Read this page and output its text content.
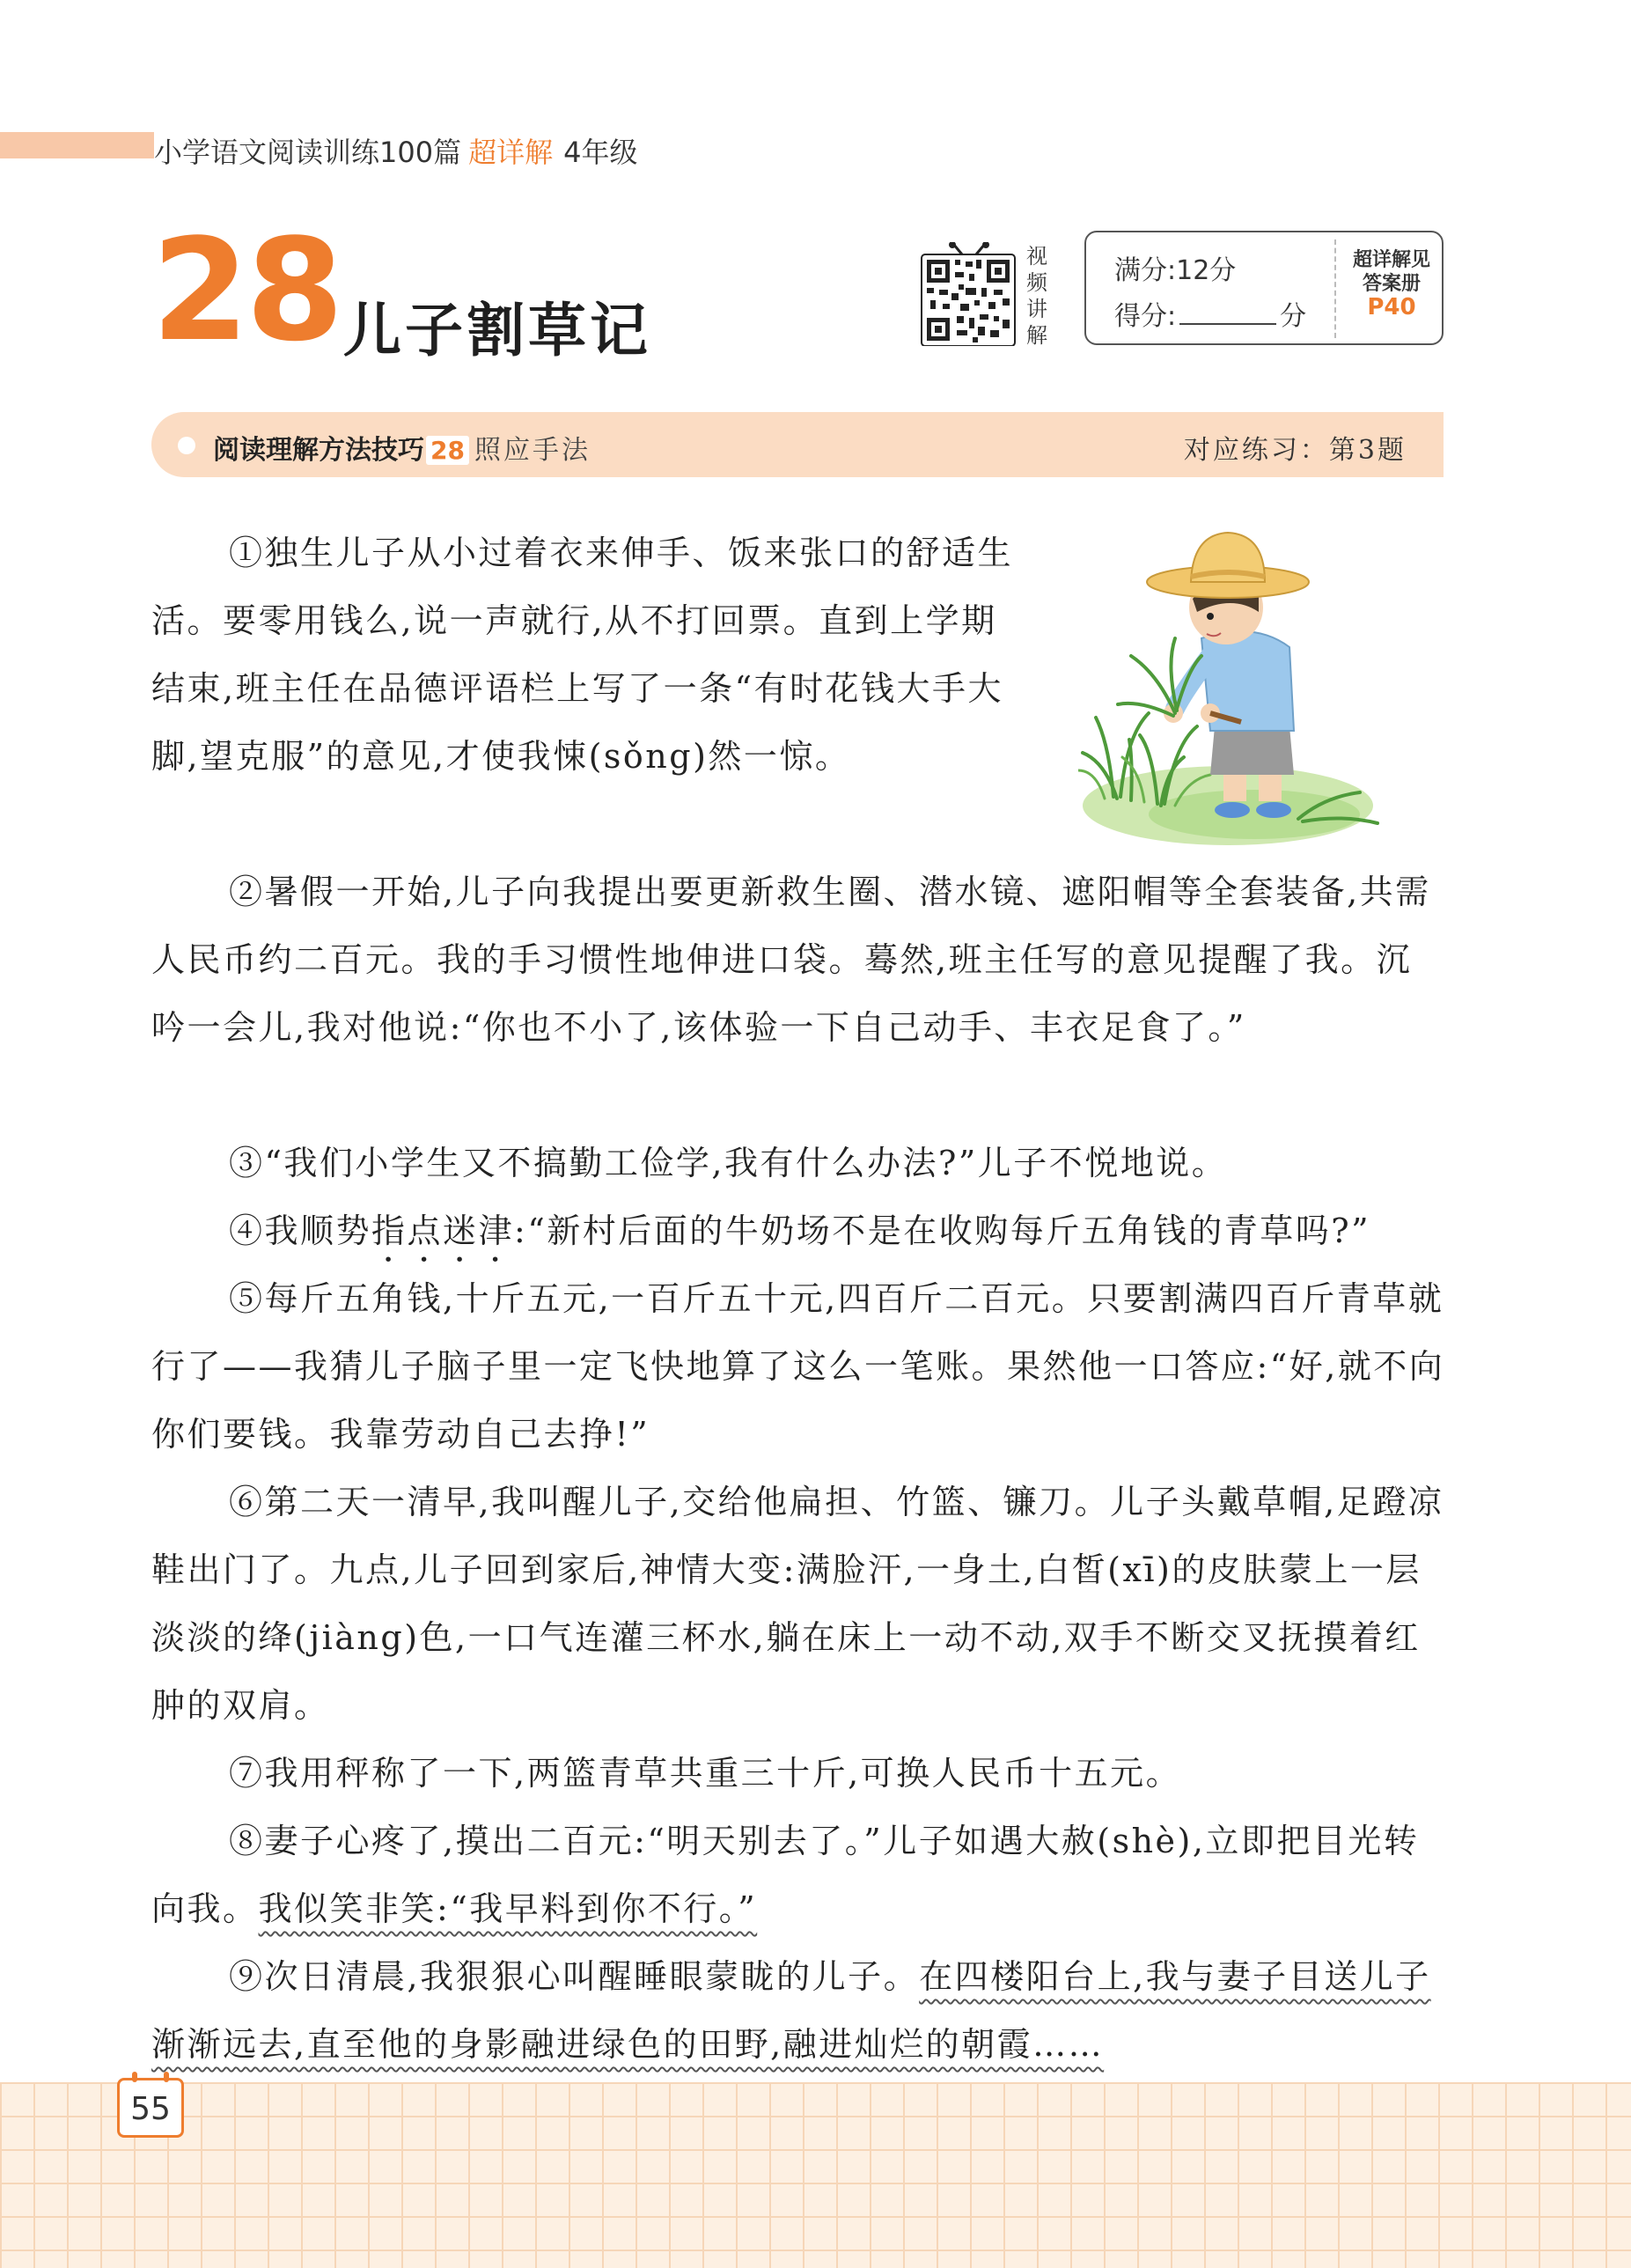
小学语文阅读训练100篇 超详解 4年级
28 儿子割草记
视频讲解
满分:12分
得分:	分
超详解见
答案册
P40
阅读理解方法技巧 28 照应手法	对应练习：第3题

①独生儿子从小过着衣来伸手、饭来张口的舒适生活。要零用钱么,说一声就行,从不打回票。直到上学期结束,班主任在品德评语栏上写了一条“有时花钱大手大脚,望克服”的意见,才使我悚(sǒng)然一惊。

②暑假一开始,儿子向我提出要更新救生圈、潜水镜、遮阳帽等全套装备,共需人民币约二百元。我的手习惯性地伸进口袋。蓦然,班主任写的意见提醒了我。沉吟一会儿,我对他说:“你也不小了,该体验一下自己动手、丰衣足食了。”

③“我们小学生又不搞勤工俭学,我有什么办法?”儿子不悦地说。

④我顺势指点迷津:“新村后面的牛奶场不是在收购每斤五角钱的青草吗?”

⑤每斤五角钱,十斤五元,一百斤五十元,四百斤二百元。只要割满四百斤青草就行了——我猜儿子脑子里一定飞快地算了这么一笔账。果然他一口答应:“好,就不向你们要钱。我靠劳动自己去挣!”

⑥第二天一清早,我叫醒儿子,交给他扁担、竹篮、镰刀。儿子头戴草帽,足蹬凉鞋出门了。九点,儿子回到家后,神情大变:满脸汗,一身土,白皙(xī)的皮肤蒙上一层淡淡的绛(jiàng)色,一口气连灌三杯水,躺在床上一动不动,双手不断交叉抚摸着红肿的双肩。

⑦我用秤称了一下,两篮青草共重三十斤,可换人民币十五元。

⑧妻子心疼了,摸出二百元:“明天别去了。”儿子如遇大赦(shè),立即把目光转向我。我似笑非笑:“我早料到你不行。”

⑨次日清晨,我狠狠心叫醒睡眼蒙眬的儿子。在四楼阳台上,我与妻子目送儿子渐渐远去,直至他的身影融进绿色的田野,融进灿烂的朝霞……

55
